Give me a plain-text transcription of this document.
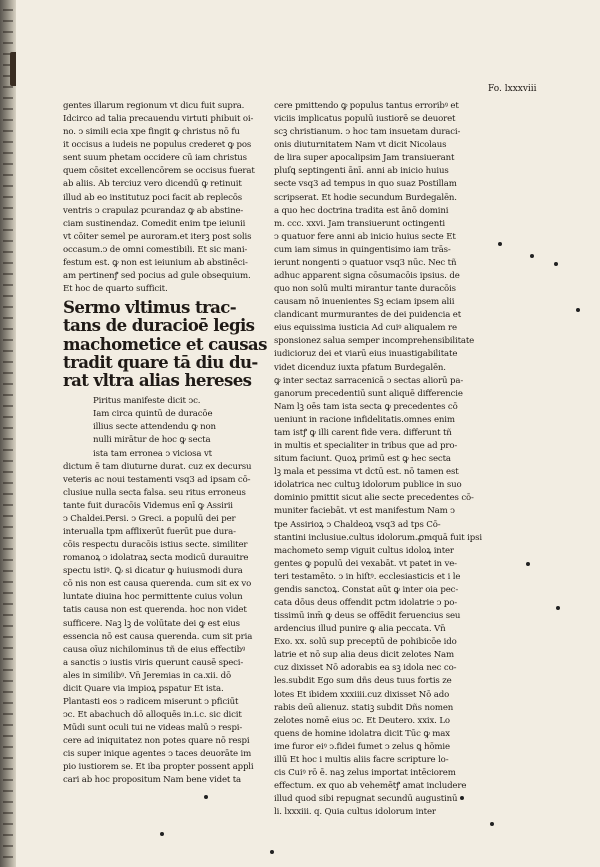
Fo. lxxxviii

gentes illarum regionum vt dicu fuit supra.

Idcirco ad talia precauendu virtuti phibuit oi-

no. ↄ simili ecia xpe fingit ꝙ christus nō fu

it occisus a iudeis ne populus crederet ꝙ pos

sent suum phetam occidere cū iam christus

quem cōsitet excellencōrem se occisus fuerat

ab aliis. Ab terciuz vero dicendū ꝙ retinuit

illud ab eo institutuz poci facit ab replecōs

ventris ↄ crapulaz pcurandaz ꝙ ab abstine-

ciam sustinendaz. Comedit enim tpe ieiunii

vt cōiter semel pe auroram.et iterꝫ post solis

occasum.ↄ de omni comestibili. Et sic mani-

festum est. ꝙ non est ieiunium ab abstinēci-

am pertinenꝭ sed pocius ad gule obsequium.

Et hoc de quarto sufficit.

Sermo vltimus trac-

tans de duracioē legis

machometice et causas

tradit quare tā diu du-

rat vltra alias hereses

Piritus manifeste dicit ↄc.

Iam circa quintū de duracōe

illius secte attendendu ꝙ non

nulli mirātur de hoc ꝙ secta

ista tam erronea ↄ viciosa vt

dictum ē tam diuturne durat. cuz ex decursu

veteris ac noui testamenti vsq3 ad ipsam cō-

clusiue nulla secta falsa. seu ritus erroneus

tante fuit duracōis Videmus enī ꝙ Assirii

ↄ Chaldei.Persi. ↄ Greci. a populū dei per

interualla tpm afflixerūt fuerūt pue dura-

cōis respectu duracōis istius secte. similiter

romanoꝝ ↄ idolatraꝝ secta modicū durauitre

spectu istiꝰ. Ꝙ si dicatur ꝙ huiusmodi dura

cō nis non est causa querenda. cum sit ex vo

luntate diuina hoc permittente cuius volun

tatis causa non est querenda. hoc non videt

sufficere. Naꝫ lꝫ de volūtate dei ꝙ est eius

essencia nō est causa querenda. cum sit pria

causa oīuz nichilominus tñ de eius effectibꝰ

a sanctis ↄ iustis viris querunt causē speci-

ales in similibꝰ. Vn̄ Jeremias in ca.xii. dō

dicit Quare via impioꝝ pspatur Et ista.

Plantasti eos ↄ radicem miserunt ↄ pficiūt

ↄc. Et abachuch dō alloquēs in.i.c. sic dicit

Mūdi sunt oculi tui ne videas malū ↄ respi-

cere ad iniquitatez non potes quare nō respi

cis super inique agentes ↄ taces deuorāte im

pio iustiorem se. Et iba propter possent appli

cari ab hoc propositum Nam bene videt ta

cere pmittendo ꝙ populus tantus erroribꝰ et

viciis implicatus populū iustiorē se deuoret

scꝫ christianum. ↄ hoc tam insuetam duraci-

onis diuturnitatem Nam vt dicit Nicolaus

de lira super apocalipsim Jam transiuerant

pluſꝗ septingenti ānī. anni ab inicio huius

secte vsq3 ad tempus in quo suaz Postillam

scripserat. Et hodie secundum Burdegalēn.

a quo hec doctrina tradita est ānō domini

m. ccc. xxvi. Jam transiuerunt octingenti

ↄ quatuor fere anni ab inicio huius secte Et

cum iam simus in quingentisimo iam trās-

ierunt nongenti ↄ quatuor vsq3 nūc. Nec tñ

adhuc apparent signa cōsumacōis ipsius. de

quo non solū multi mirantur tante duracōis

causam nō inuenientes Sꝫ eciam ipsem alii

clandicant murmurantes de dei puidencia et

eius equissima iusticia Ad cuiꝰ aliqualem re

sponsionez salua semper incomprehensibilitate

iudicioruz dei et viarū eius inuastigabilitate

videt dicenduz iuxta pfatum Burdegalēn.

ꝙ inter sectaz sarracenicā ↄ sectas aliorū pa-

ganorum precedentiū sunt aliquē differencie

Nam lꝫ oēs tam ista secta ꝙ precedentes cō

ueniunt in racione infidelitatis.omnes enim

tam istꝭ ꝙ illi carent fide vera. differunt tñ

in multis et specialiter in tribus que ad pro-

situm faciunt. Quoꝝ primū est ꝙ hec secta

lꝫ mala et pessima vt dctū est. nō tamen est

idolatrica nec cultuꝫ idolorum publice in suo

dominio pmittit sicut alie secte precedentes cō-

muniter faciebāt. vt est manifestum Nam ↄ

tpe Assirioꝝ ↄ Chaldeoꝝ vsq3 ad tps Cō-

stantini inclusiue.cultus idolorum.ꝓmquā fuit ipsi

machometo semp viguit cultus idoloꝝ inter

gentes ꝙ populū dei vexabāt. vt patet in ve-

teri testamēto. ↄ in hiſtꝰ. ecclesiasticis et i le

gendis sanctoꝝ. Constat aūt ꝙ inter oia pec-

cata dōus deus offendit pctm idolatrie ↄ po-

tissimū inm̄ ꝙ deus se offēdit feruencius seu

ardencius illud punire ꝙ alia peccata. Vn̄

Exo. xx. solū sup preceptū de pohibicōe ido

latrie et nō sup alia deus dicit zelotes Nam

cuz dixisset Nō adorabis ea sꝫ idola nec co-

les.subdit Ego sum dñs deus tuus fortis ze

lotes Et ibidem xxxiiii.cuz dixisset Nō ado

rabis deū alienuz. statiꝫ subdit Dñs nomen

zelotes nomē eius ↄc. Et Deutero. xxix. Lo

quens de homine idolatra dicit Tūc ꝙ max

ime furor eiꝰ ↄ.fidei fumet ↄ zelus ꝗ hōmie

illū Et hoc i multis aliis facre scripture lo-

cis Cuiꝰ rō ē. naꝫ zelus importat intēciorem

effectum. ex quo ab vehemētꝭ amat includere

illud quod sibi repugnat secundū augustinū

li. lxxxiii. q. Quia cultus idolorum inter
